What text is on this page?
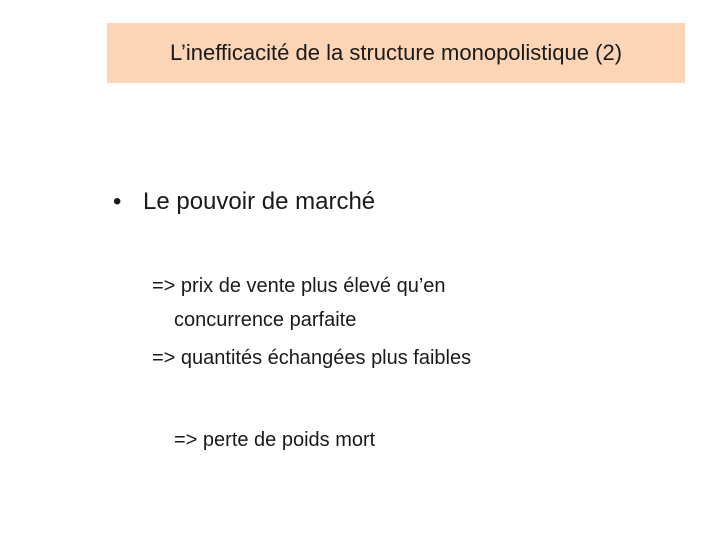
L’inefficacité de la structure monopolistique (2)
• Le pouvoir de marché
=> prix de vente plus élevé qu’en
concurrence parfaite
=> quantités échangées plus faibles
=> perte de poids mort
